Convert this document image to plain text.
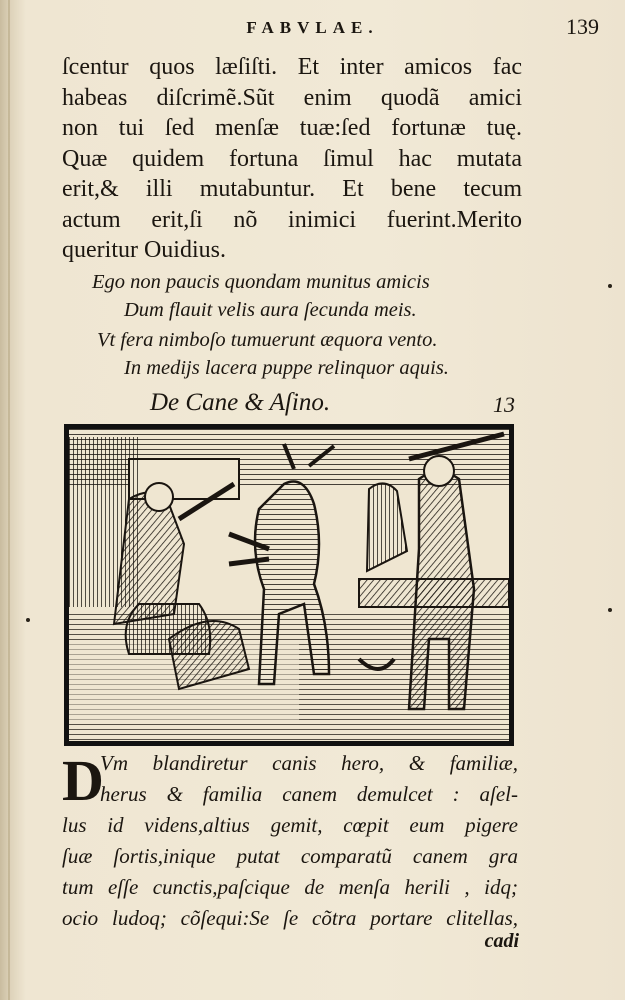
FABVLAE.	139
ſcentur quos læſiſti. Et inter amicos fac
habeas diſcrimẽ.Sũt enim quodã amici
non tui ſed menſæ tuæ:ſed fortunæ tuę.
Quæ quidem fortuna ſimul hac mutata
erit,& illi mutabuntur. Et bene tecum
actum erit,ſi nõ inimici fuerint.Merito
queritur Ouidius.
Ego non paucis quondam munitus amicis
Dum flauit velis aura ſecunda meis.
Vt fera nimboſo tumuerunt æquora vento.
In medijs lacera puppe relinquor aquis.
De Cane & Aſino.	13
D
Vm blandiretur canis hero, & familiæ,
herus & familia canem demulcet : aſel-
lus id videns,altius gemit, cœpit eum pigere
ſuæ ſortis,inique putat comparatũ canem gra
tum eſſe cunctis,paſcique de menſa herili , idq;
ocio ludoq; cõſequi:Se ſe cõtra portare clitellas,
cadi
